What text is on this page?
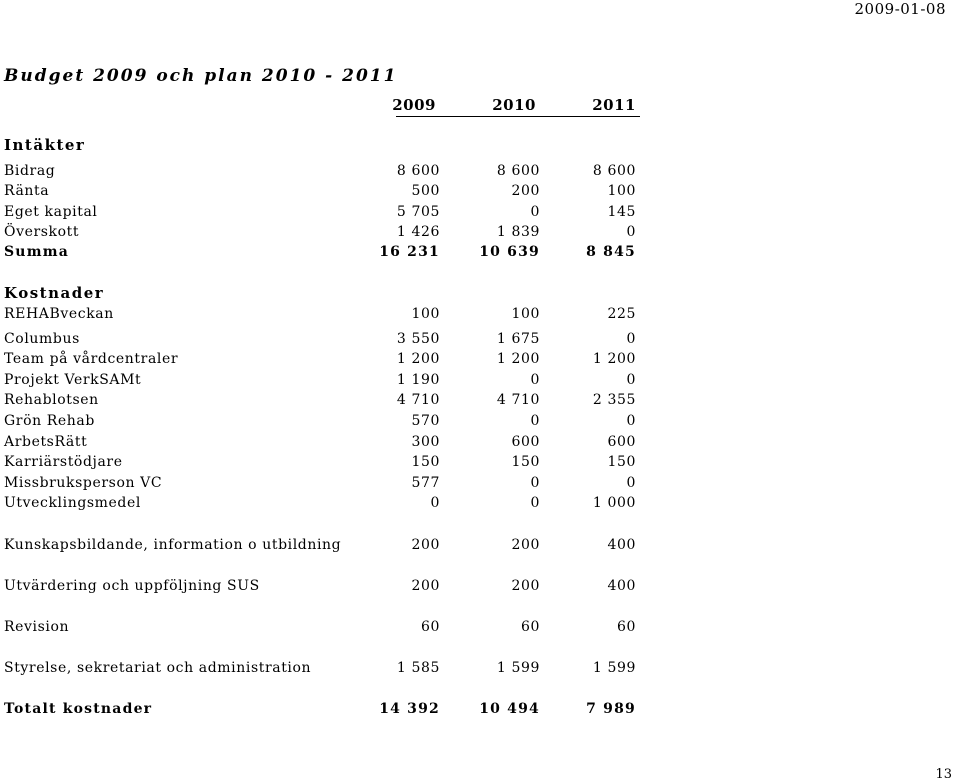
2009-01-08
Budget 2009 och plan 2010 - 2011
2009	2010	2011
Intäkter
Bidrag	8 600	8 600	8 600
Ränta	500	200	100
Eget kapital	5 705	0	145
Överskott	1 426	1 839	0
Summa	16 231	10 639	8 845
Kostnader
REHABveckan	100	100	225
Columbus	3 550	1 675	0
Team på vårdcentraler	1 200	1 200	1 200
Projekt VerkSAMt	1 190	0	0
Rehablotsen	4 710	4 710	2 355
Grön Rehab	570	0	0
ArbetsRätt	300	600	600
Karriärstödjare	150	150	150
Missbruksperson VC	577	0	0
Utvecklingsmedel	0	0	1 000
Kunskapsbildande, information o utbildning	200	200	400
Utvärdering och uppföljning SUS	200	200	400
Revision	60	60	60
Styrelse, sekretariat och administration	1 585	1 599	1 599
Totalt kostnader	14 392	10 494	7 989
13
